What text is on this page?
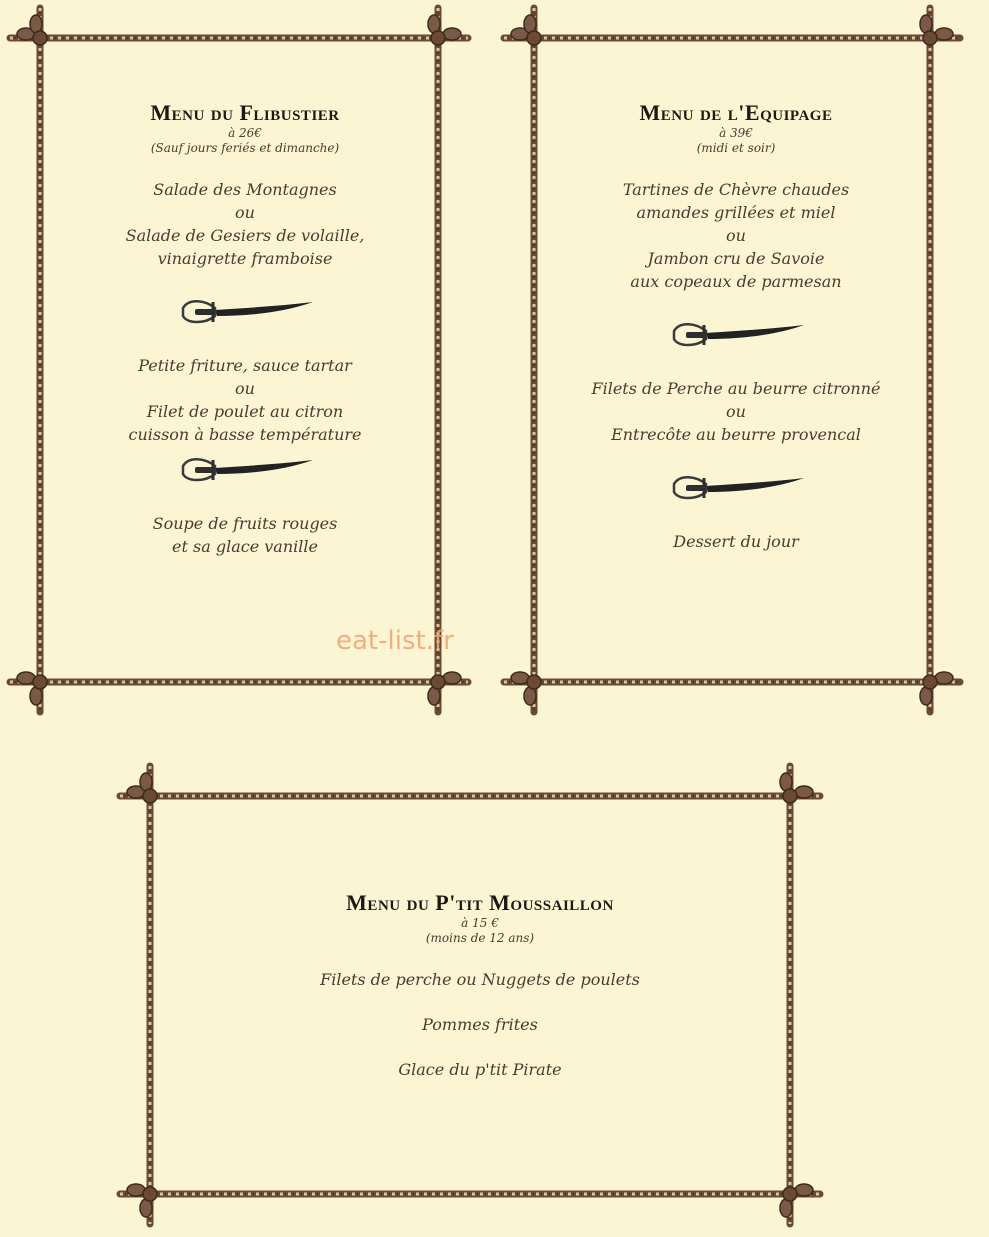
Menu du Flibustier
à 26€
(Sauf jours feriés et dimanche)
Salade des Montagnes
ou
Salade de Gesiers de volaille,
vinaigrette framboise
Petite friture, sauce tartar
ou
Filet de poulet au citron
cuisson à basse température
Soupe de fruits rouges
et sa glace vanille
Menu de l'Equipage
à 39€
(midi et soir)
Tartines de Chèvre chaudes
amandes grillées et miel
ou
Jambon cru de Savoie
aux copeaux de parmesan
Filets de Perche au beurre citronné
ou
Entrecôte au beurre provencal
Dessert du jour
Menu du P'tit Moussaillon
à 15 €
(moins de 12 ans)
Filets de perche ou Nuggets de poulets
Pommes frites
Glace du p'tit Pirate
eat-list.fr
